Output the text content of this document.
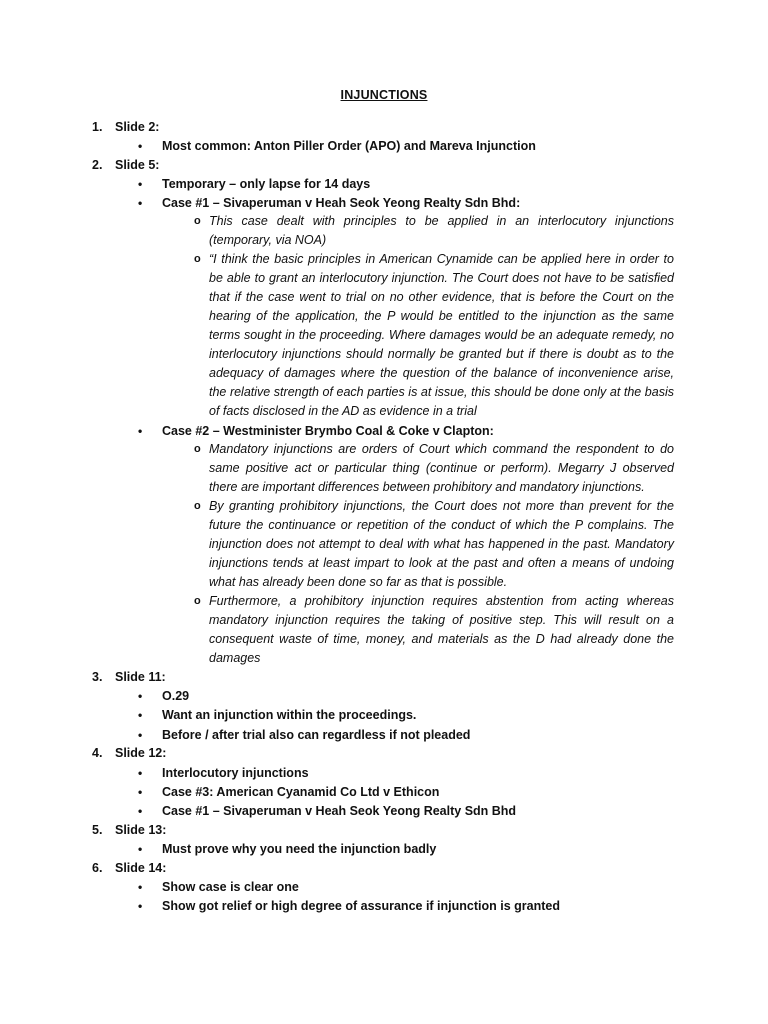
INJUNCTIONS
1. Slide 2:
• Most common: Anton Piller Order (APO) and Mareva Injunction
2. Slide 5:
• Temporary – only lapse for 14 days
• Case #1 – Sivaperuman v Heah Seok Yeong Realty Sdn Bhd:
o This case dealt with principles to be applied in an interlocutory injunctions (temporary, via NOA)
o “I think the basic principles in American Cynamide can be applied here in order to be able to grant an interlocutory injunction. The Court does not have to be satisfied that if the case went to trial on no other evidence, that is before the Court on the hearing of the application, the P would be entitled to the injunction as the same terms sought in the proceeding. Where damages would be an adequate remedy, no interlocutory injunctions should normally be granted but if there is doubt as to the adequacy of damages where the question of the balance of inconvenience arise, the relative strength of each parties is at issue, this should be done only at the basis of facts disclosed in the AD as evidence in a trial
• Case #2 – Westminister Brymbo Coal & Coke v Clapton:
o Mandatory injunctions are orders of Court which command the respondent to do same positive act or particular thing (continue or perform). Megarry J observed there are important differences between prohibitory and mandatory injunctions.
o By granting prohibitory injunctions, the Court does not more than prevent for the future the continuance or repetition of the conduct of which the P complains. The injunction does not attempt to deal with what has happened in the past. Mandatory injunctions tends at least impart to look at the past and often a means of undoing what has already been done so far as that is possible.
o Furthermore, a prohibitory injunction requires abstention from acting whereas mandatory injunction requires the taking of positive step. This will result on a consequent waste of time, money, and materials as the D had already done the damages
3. Slide 11:
• O.29
• Want an injunction within the proceedings.
• Before / after trial also can regardless if not pleaded
4. Slide 12:
• Interlocutory injunctions
• Case #3: American Cyanamid Co Ltd v Ethicon
• Case #1 – Sivaperuman v Heah Seok Yeong Realty Sdn Bhd
5. Slide 13:
• Must prove why you need the injunction badly
6. Slide 14:
• Show case is clear one
• Show got relief or high degree of assurance if injunction is granted
